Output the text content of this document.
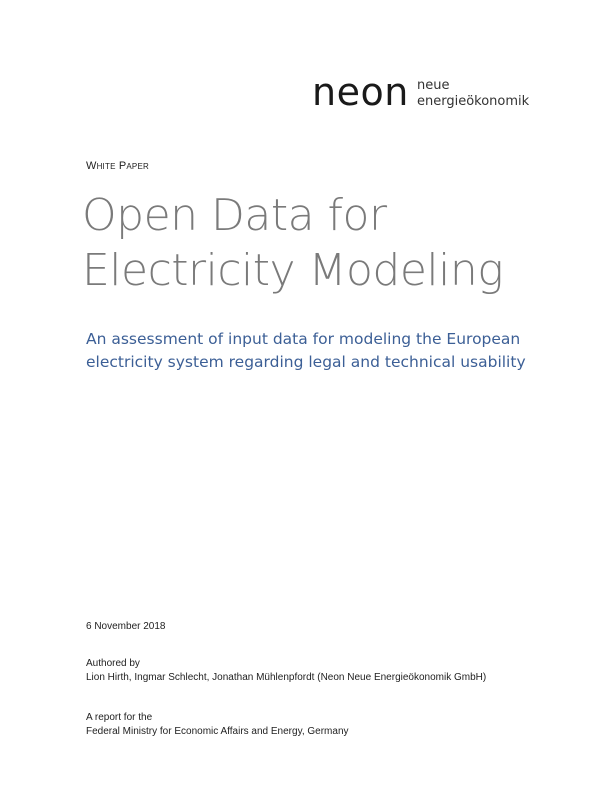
neon neue
energieökonomik
White Paper
Open Data for
Electricity Modeling
An assessment of input data for modeling the European
electricity system regarding legal and technical usability
6 November 2018
Authored by
Lion Hirth, Ingmar Schlecht, Jonathan Mühlenpfordt (Neon Neue Energieökonomik GmbH)
A report for the
Federal Ministry for Economic Affairs and Energy, Germany
